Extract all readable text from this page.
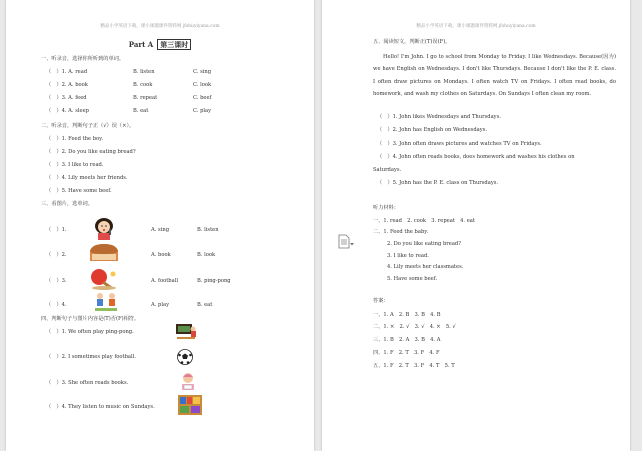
精品小学英语下载，课小课题课件资料网 jfshuyiyana.com
Part A 第三课时
一、听录音，选择你所听到的单词。
（　）1. A. read	B. listen	C. sing
（　）2. A. book	B. cook	C. look
（　）3. A. feed	B. repeat	C. beef
（　）4. A. sleep	B. eat	C. play
二、听录音，判断句子正（√）误（×）。
（　）1. Feed the boy.
（　）2. Do you like eating bread?
（　）3. I like to read.
（　）4. Lily meets her friends.
（　）5. Have some beef.
三、看图片，选单词。
（　）1.	A. sing	B. listen
（　）2.	A. book	B. look
（　）3.	A. football	B. ping-pong
（　）4.	A. play	B. eat
四、判断句子与图片内容是(T)否(F)相符。
（　）1. We often play ping-pong.
（　）2. I sometimes play football.
（　）3. She often reads books.
（　）4. They listen to music on Sundays.
精品小学英语下载，课小课题课件资料网 jfshuyiyana.com
五、阅读短文，判断正(T)误(F)。
Hello! I'm John. I go to school from Monday to Friday. I like Wednesdays. Because(因为) we have English on Wednesdays. I don't like Thursdays. Because I don't like the P. E. class. I often draw pictures on Mondays. I often watch TV on Fridays. I often read books, do homework, and wash my clothes on Saturdays. On Sundays I often clean my room.
（　）1. John likes Wednesdays and Thursdays.
（　）2. John has English on Wednesdays.
（　）3. John often draws pictures and watches TV on Fridays.
（　）4. John often reads books, does homework and washes his clothes on
Saturdays.
（　）5. John has the P. E. class on Thursdays.
听力材料：
一、1. read　2. cook　3. repeat　4. eat
二、1. Feed the baby.
2. Do you like eating bread?
3. I like to read.
4. Lily meets her classmates.
5. Have some beef.
答案：
一、1. A　2. B　3. B　4. B
二、1. ×　2. √　3. √　4. ×　5. √
三、1. B　2. A　3. B　4. A
四、1. F　2. T　3. F　4. F
五、1. F　2. T　3. F　4. T　5. T
